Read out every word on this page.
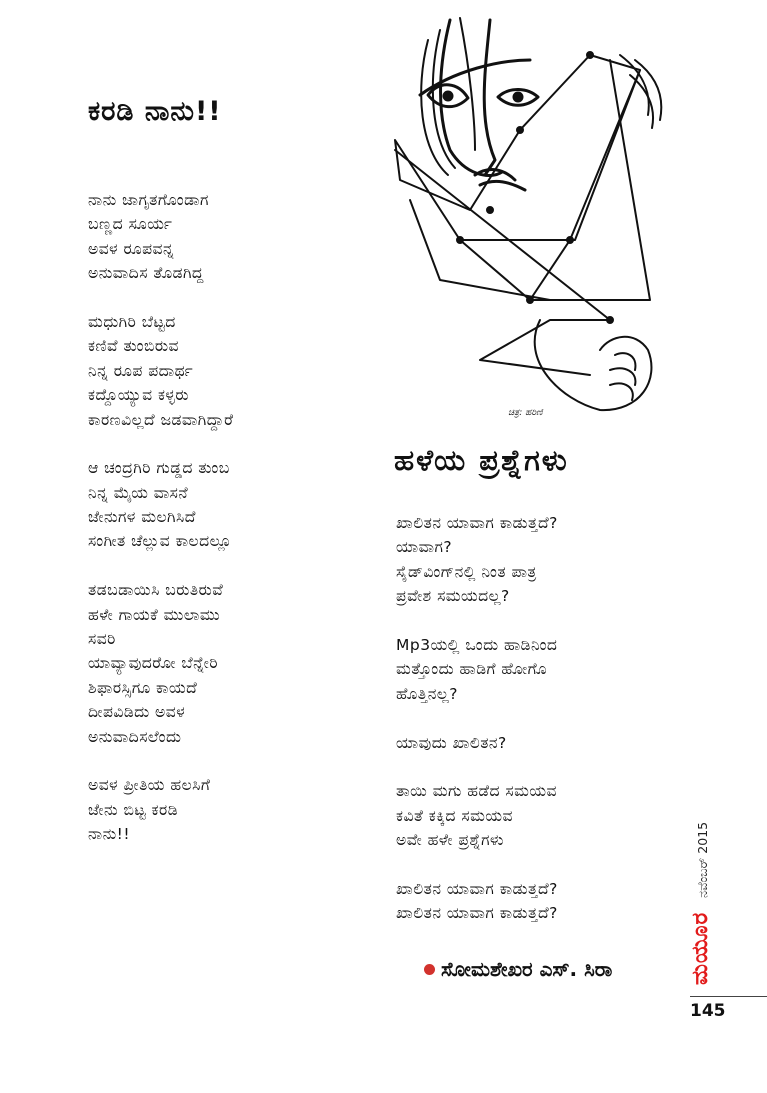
ಕರಡಿ ನಾನು!!
ನಾನು ಜಾಗೃತಗೊಂಡಾಗ
ಬಣ್ಣದ ಸೂರ್ಯ
ಅವಳ ರೂಪವನ್ನ
ಅನುವಾದಿಸ ತೊಡಗಿದ್ದ
ಮಧುಗಿರಿ ಬೆಟ್ಟದ
ಕಣಿವೆ ತುಂಬಿರುವ
ನಿನ್ನ ರೂಪ ಪದಾರ್ಥ
ಕದ್ದೊಯ್ಯುವ ಕಳ್ಳರು
ಕಾರಣವಿಲ್ಲದೆ ಜಡವಾಗಿದ್ದಾರೆ
ಆ ಚಂದ್ರಗಿರಿ ಗುಡ್ಡದ ತುಂಬ
ನಿನ್ನ ಮೈಯ ವಾಸನೆ
ಜೇನುಗಳ ಮಲಗಿಸಿದೆ
ಸಂಗೀತ ಚೆಲ್ಲುವ ಕಾಲದಲ್ಲೂ
ತಡಬಡಾಯಿಸಿ ಬರುತಿರುವೆ
ಹಳೇ ಗಾಯಕೆ ಮುಲಾಮು
ಸವರಿ
ಯಾವ್ಯಾವುದರೋ ಬೆನ್ನೇರಿ
ಶಿಫಾರಸ್ಸಿಗೂ ಕಾಯದೆ
ದೀಪವಿಡಿದು ಅವಳ
ಅನುವಾದಿಸಲೆಂದು
ಅವಳ ಪ್ರೀತಿಯ ಹಲಸಿಗೆ
ಜೇನು ಬಿಟ್ಟ ಕರಡಿ
ನಾನು!!
ಚಿತ್ರ: ಹರಿಣಿ
ಹಳೆಯ ಪ್ರಶ್ನೆಗಳು
ಖಾಲಿತನ ಯಾವಾಗ ಕಾಡುತ್ತದೆ?
ಯಾವಾಗ?
ಸೈಡ್‌ವಿಂಗ್‌ನಲ್ಲಿ ನಿಂತ ಪಾತ್ರ
ಪ್ರವೇಶ ಸಮಯದಲ್ಲ?
Mp3ಯಲ್ಲಿ ಒಂದು ಹಾಡಿನಿಂದ
ಮತ್ತೊಂದು ಹಾಡಿಗೆ ಹೋಗೊ
ಹೊತ್ತಿನಲ್ಲ?
ಯಾವುದು ಖಾಲಿತನ?
ತಾಯಿ ಮಗು ಹಡೆದ ಸಮಯವ
ಕವಿತೆ ಕಕ್ಕಿದ ಸಮಯವ
ಅವೇ ಹಳೇ ಪ್ರಶ್ನೆಗಳು
ಖಾಲಿತನ ಯಾವಾಗ ಕಾಡುತ್ತದೆ?
ಖಾಲಿತನ ಯಾವಾಗ ಕಾಡುತ್ತದೆ?
ಸೋಮಶೇಖರ ಎಸ್. ಸಿರಾ	ಮಯೂರ
ನವೆಂಬರ್ 2015
145
